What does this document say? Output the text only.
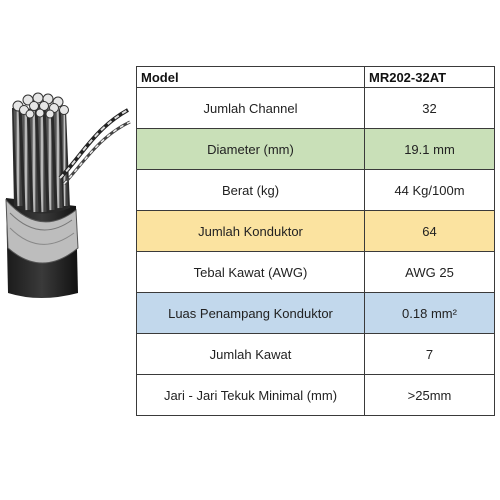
Model	MR202-32AT
Jumlah Channel	32
Diameter (mm)	19.1 mm
Berat (kg)	44 Kg/100m
Jumlah Konduktor	64
Tebal Kawat (AWG)	AWG 25
Luas Penampang Konduktor	0.18 mm²
Jumlah Kawat	7
Jari - Jari Tekuk Minimal (mm)	>25mm
